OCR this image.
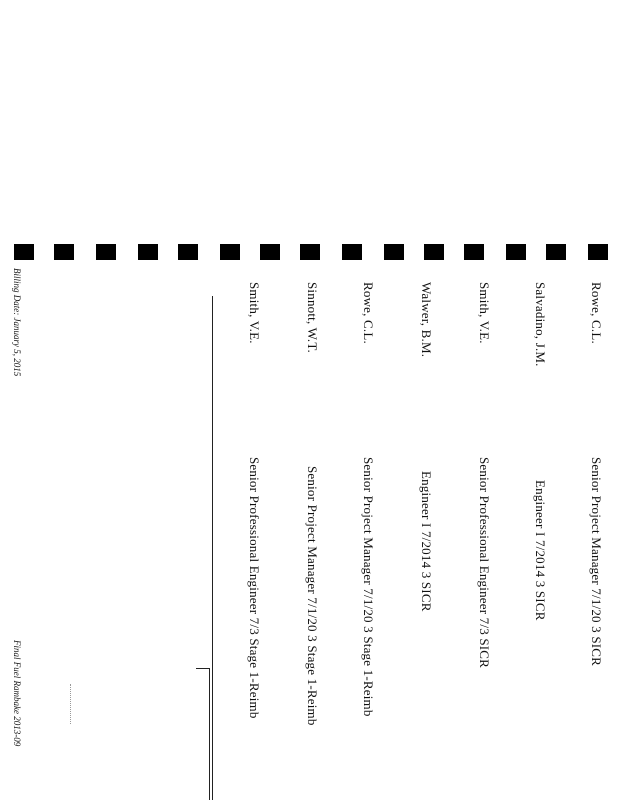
Billing Date: January 5, 2015
Final Fuel Rambake 2013-09
Rowe, C.L. Senior Project Manager 7/1/20 3 SICR
Salvadino, J.M. Engineer I 7/2014 3 SICR
Smith, V.E. Senior Professional Engineer 7/3 SICR
Walwer, B.M. Engineer I 7/2014 3 SICR
Rowe, C.L. Senior Project Manager 7/1/20 3 Stage 1-Reimb
Sinnott, W.T. Senior Project Manager 7/1/20 3 Stage 1-Reimb
Smith, V.E. Senior Professional Engineer 7/3 Stage 1-Reimb
